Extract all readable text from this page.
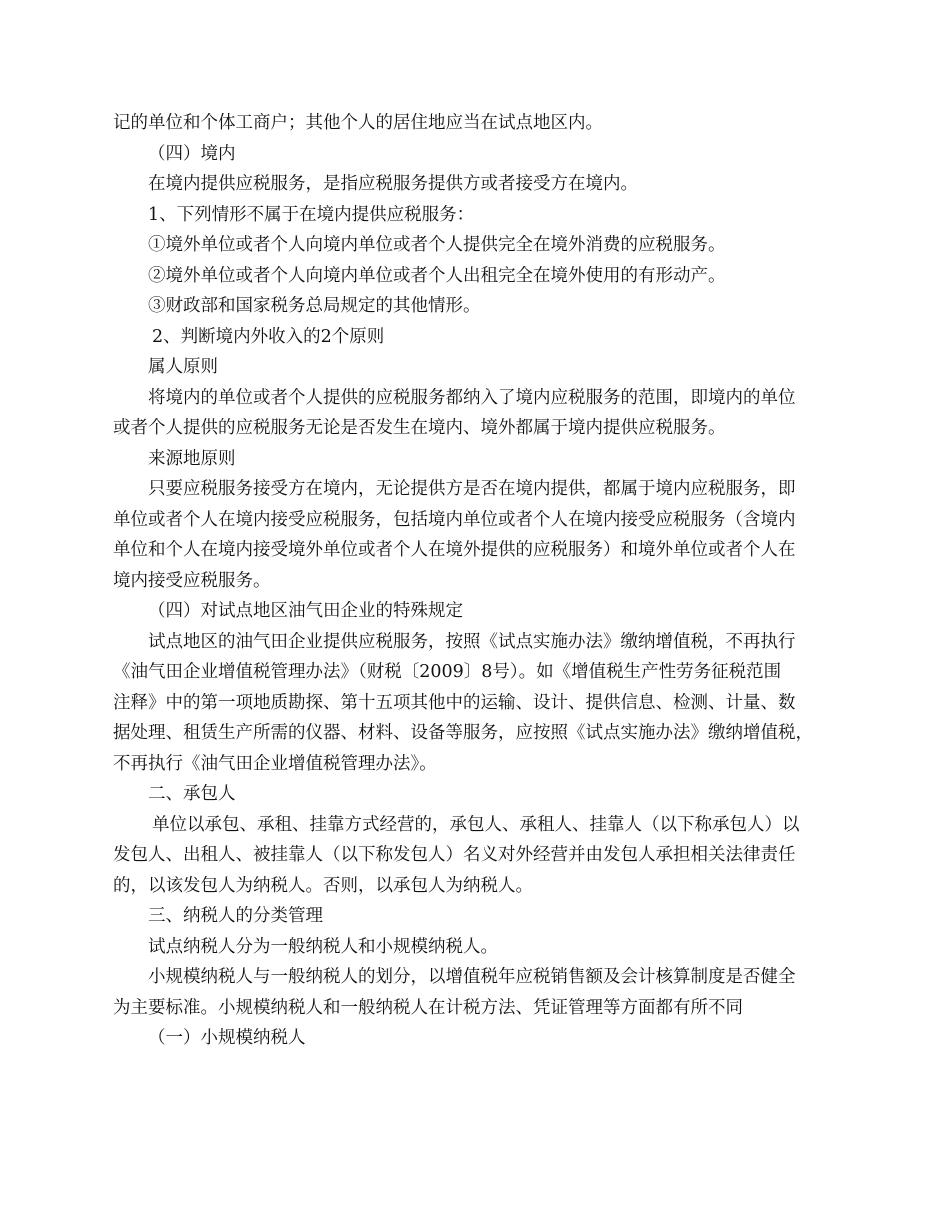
记的单位和个体工商户；其他个人的居住地应当在试点地区内。

（四）境内

在境内提供应税服务，是指应税服务提供方或者接受方在境内。

1、下列情形不属于在境内提供应税服务：

①境外单位或者个人向境内单位或者个人提供完全在境外消费的应税服务。

②境外单位或者个人向境内单位或者个人出租完全在境外使用的有形动产。

③财政部和国家税务总局规定的其他情形。

2、判断境内外收入的2个原则

属人原则

将境内的单位或者个人提供的应税服务都纳入了境内应税服务的范围，即境内的单位

或者个人提供的应税服务无论是否发生在境内、境外都属于境内提供应税服务。

来源地原则

只要应税服务接受方在境内，无论提供方是否在境内提供，都属于境内应税服务，即

单位或者个人在境内接受应税服务，包括境内单位或者个人在境内接受应税服务（含境内

单位和个人在境内接受境外单位或者个人在境外提供的应税服务）和境外单位或者个人在

境内接受应税服务。

（四）对试点地区油气田企业的特殊规定

试点地区的油气田企业提供应税服务，按照《试点实施办法》缴纳增值税，不再执行

《油气田企业增值税管理办法》（财税〔2009〕8号）。如《增值税生产性劳务征税范围

注释》中的第一项地质勘探、第十五项其他中的运输、设计、提供信息、检测、计量、数

据处理、租赁生产所需的仪器、材料、设备等服务，应按照《试点实施办法》缴纳增值税，

不再执行《油气田企业增值税管理办法》。

二、承包人

单位以承包、承租、挂靠方式经营的，承包人、承租人、挂靠人（以下称承包人）以

发包人、出租人、被挂靠人（以下称发包人）名义对外经营并由发包人承担相关法律责任

的，以该发包人为纳税人。否则，以承包人为纳税人。

三、纳税人的分类管理

试点纳税人分为一般纳税人和小规模纳税人。

小规模纳税人与一般纳税人的划分，以增值税年应税销售额及会计核算制度是否健全

为主要标准。小规模纳税人和一般纳税人在计税方法、凭证管理等方面都有所不同

（一）小规模纳税人
